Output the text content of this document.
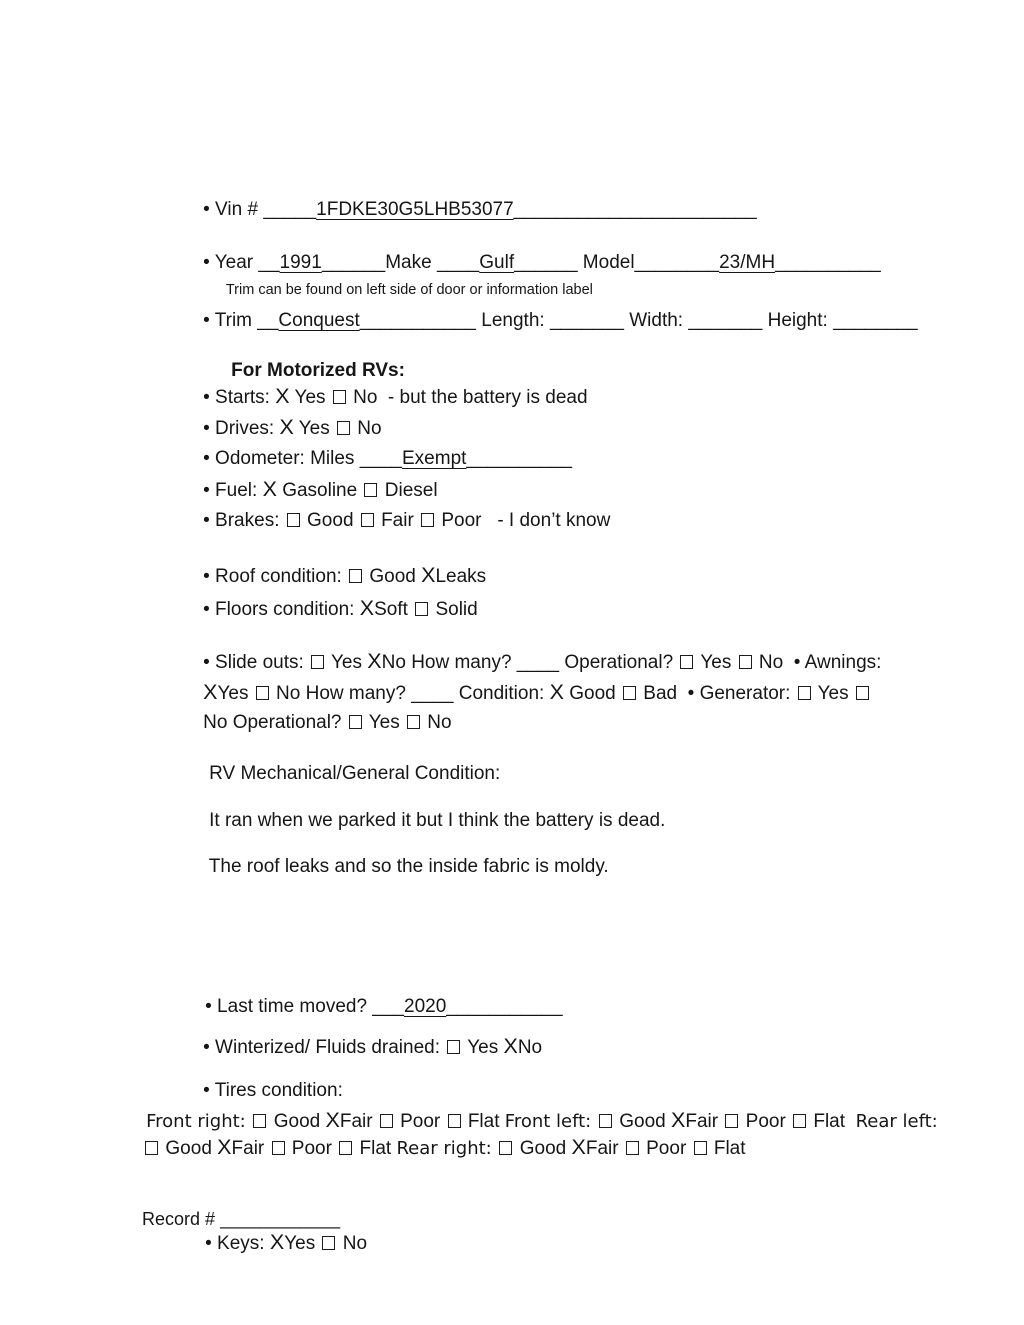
• Vin # _____1FDKE30G5LHB53077_______________________

• Year __1991______Make ____Gulf______ Model________23/MH__________

Trim can be found on left side of door or information label

• Trim __Conquest___________ Length: _______ Width: _______ Height: ________

For Motorized RVs:

• Starts: X Yes  No  - but the battery is dead

• Drives: X Yes  No

• Odometer: Miles ____Exempt__________

• Fuel: X Gasoline  Diesel

• Brakes:  Good  Fair  Poor   - I don’t know

• Roof condition:  Good XLeaks

• Floors condition: XSoft  Solid

• Slide outs:  Yes XNo How many? ____ Operational?  Yes  No  • Awnings:

XYes  No How many? ____ Condition: X Good  Bad  • Generator:  Yes

No Operational?  Yes  No

RV Mechanical/General Condition:

It ran when we parked it but I think the battery is dead.

The roof leaks and so the inside fabric is moldy.

• Last time moved? ___2020___________

• Winterized/ Fluids drained:  Yes XNo

• Tires condition:

Front right:  Good XFair  Poor  Flat Front left:  Good XFair  Poor  Flat  Rear left:

Good XFair  Poor  Flat Rear right:  Good XFair  Poor  Flat

Record # ____________

• Keys: XYes  No
